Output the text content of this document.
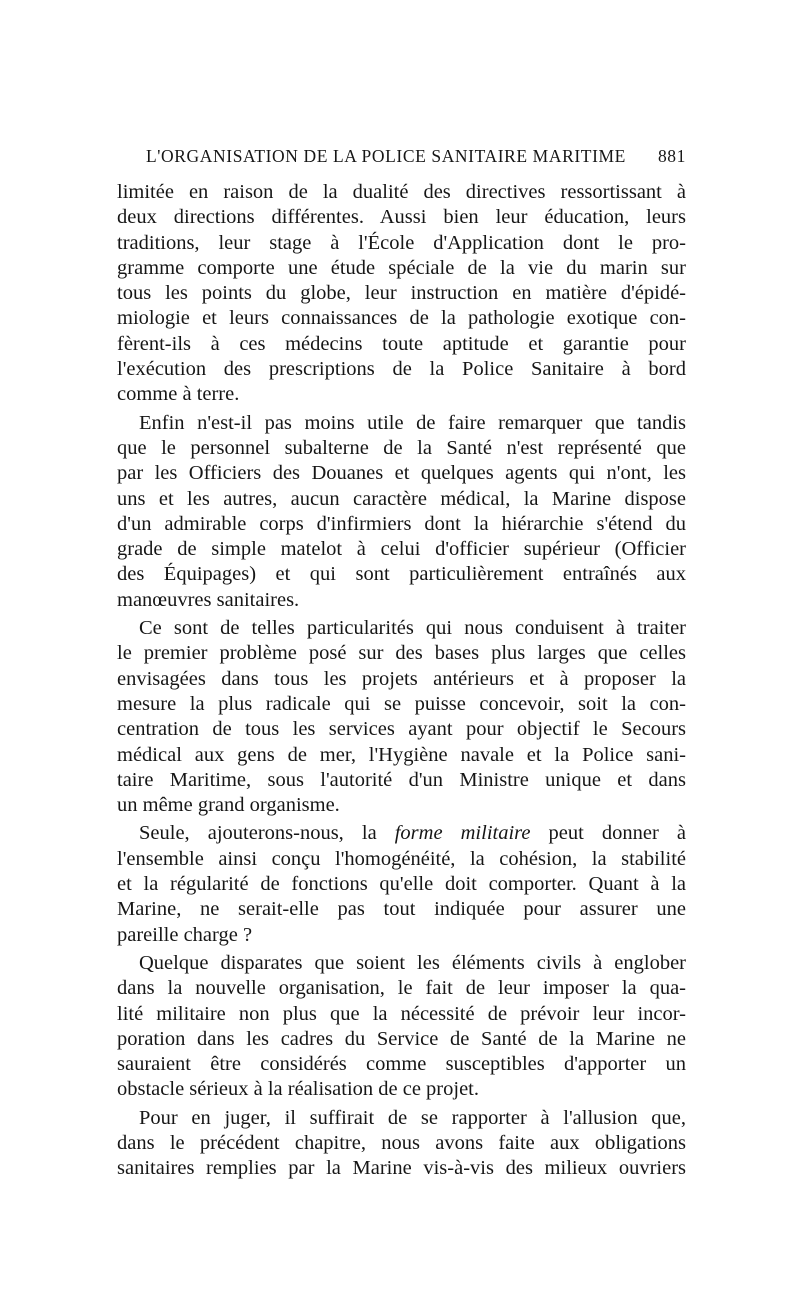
L'ORGANISATION DE LA POLICE SANITAIRE MARITIME 881
limitée en raison de la dualité des directives ressortissant à
deux directions différentes. Aussi bien leur éducation, leurs
traditions, leur stage à l'École d'Application dont le pro-
gramme comporte une étude spéciale de la vie du marin sur
tous les points du globe, leur instruction en matière d'épidé-
miologie et leurs connaissances de la pathologie exotique con-
fèrent-ils à ces médecins toute aptitude et garantie pour
l'exécution des prescriptions de la Police Sanitaire à bord
comme à terre.
Enfin n'est-il pas moins utile de faire remarquer que tandis
que le personnel subalterne de la Santé n'est représenté que
par les Officiers des Douanes et quelques agents qui n'ont, les
uns et les autres, aucun caractère médical, la Marine dispose
d'un admirable corps d'infirmiers dont la hiérarchie s'étend du
grade de simple matelot à celui d'officier supérieur (Officier
des Équipages) et qui sont particulièrement entraînés aux
manœuvres sanitaires.
Ce sont de telles particularités qui nous conduisent à traiter
le premier problème posé sur des bases plus larges que celles
envisagées dans tous les projets antérieurs et à proposer la
mesure la plus radicale qui se puisse concevoir, soit la con-
centration de tous les services ayant pour objectif le Secours
médical aux gens de mer, l'Hygiène navale et la Police sani-
taire Maritime, sous l'autorité d'un Ministre unique et dans
un même grand organisme.
Seule, ajouterons-nous, la forme militaire peut donner à
l'ensemble ainsi conçu l'homogénéité, la cohésion, la stabilité
et la régularité de fonctions qu'elle doit comporter. Quant à la
Marine, ne serait-elle pas tout indiquée pour assurer une
pareille charge ?
Quelque disparates que soient les éléments civils à englober
dans la nouvelle organisation, le fait de leur imposer la qua-
lité militaire non plus que la nécessité de prévoir leur incor-
poration dans les cadres du Service de Santé de la Marine ne
sauraient être considérés comme susceptibles d'apporter un
obstacle sérieux à la réalisation de ce projet.
Pour en juger, il suffirait de se rapporter à l'allusion que,
dans le précédent chapitre, nous avons faite aux obligations
sanitaires remplies par la Marine vis-à-vis des milieux ouvriers
